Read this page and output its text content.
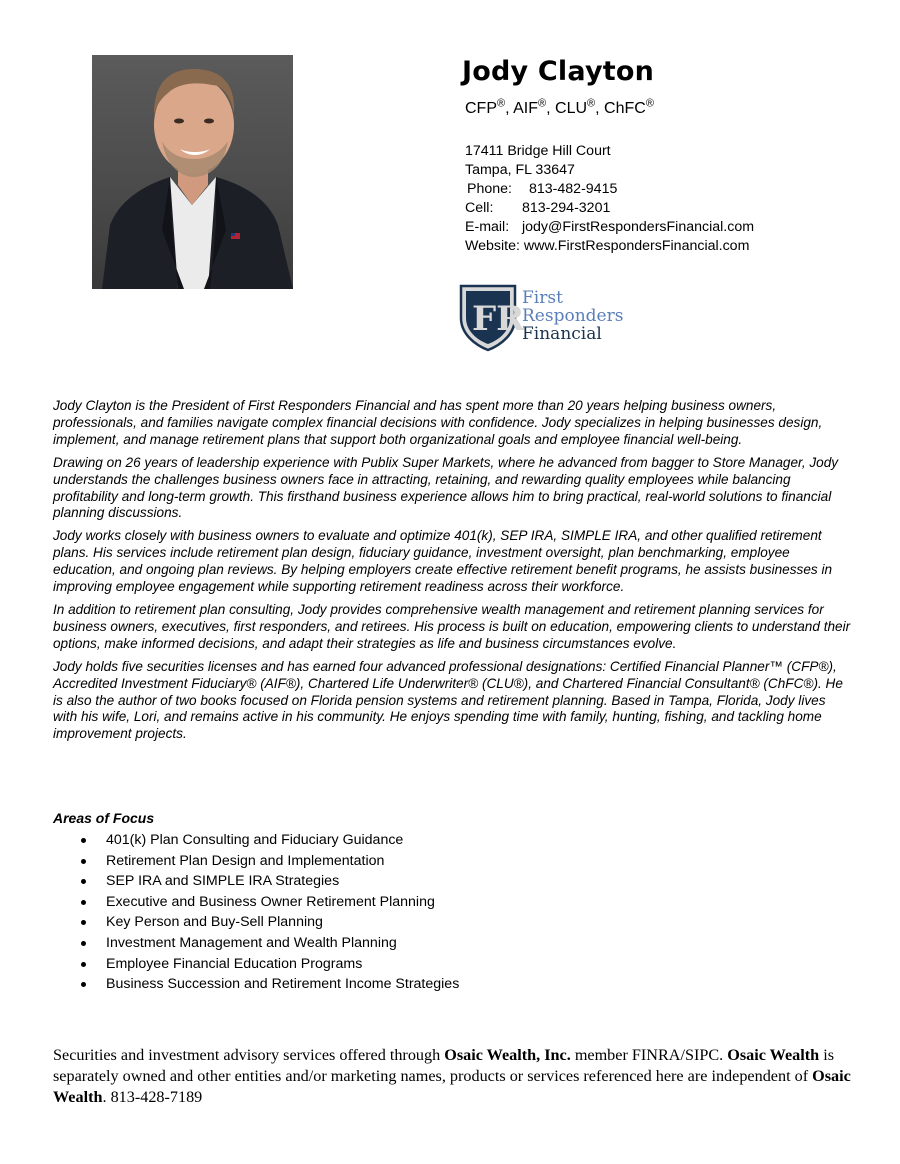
Jody Clayton
CFP®, AIF®, CLU®, ChFC®
17411 Bridge Hill Court
Tampa, FL 33647
Phone: 813-482-9415
Cell: 813-294-3201
E-mail: jody@FirstRespondersFinancial.com
Website: www.FirstRespondersFinancial.com
FR
First
Responders
Financial

Jody Clayton is the President of First Responders Financial and has spent more than 20 years helping business owners, professionals, and families navigate complex financial decisions with confidence. Jody specializes in helping businesses design, implement, and manage retirement plans that support both organizational goals and employee financial well-being.

Drawing on 26 years of leadership experience with Publix Super Markets, where he advanced from bagger to Store Manager, Jody understands the challenges business owners face in attracting, retaining, and rewarding quality employees while balancing profitability and long-term growth. This firsthand business experience allows him to bring practical, real-world solutions to financial planning discussions.

Jody works closely with business owners to evaluate and optimize 401(k), SEP IRA, SIMPLE IRA, and other qualified retirement plans. His services include retirement plan design, fiduciary guidance, investment oversight, plan benchmarking, employee education, and ongoing plan reviews. By helping employers create effective retirement benefit programs, he assists businesses in improving employee engagement while supporting retirement readiness across their workforce.

In addition to retirement plan consulting, Jody provides comprehensive wealth management and retirement planning services for business owners, executives, first responders, and retirees. His process is built on education, empowering clients to understand their options, make informed decisions, and adapt their strategies as life and business circumstances evolve.

Jody holds five securities licenses and has earned four advanced professional designations: Certified Financial Planner™ (CFP®), Accredited Investment Fiduciary® (AIF®), Chartered Life Underwriter® (CLU®), and Chartered Financial Consultant® (ChFC®). He is also the author of two books focused on Florida pension systems and retirement planning. Based in Tampa, Florida, Jody lives with his wife, Lori, and remains active in his community. He enjoys spending time with family, hunting, fishing, and tackling home improvement projects.

Areas of Focus
401(k) Plan Consulting and Fiduciary Guidance
Retirement Plan Design and Implementation
SEP IRA and SIMPLE IRA Strategies
Executive and Business Owner Retirement Planning
Key Person and Buy-Sell Planning
Investment Management and Wealth Planning
Employee Financial Education Programs
Business Succession and Retirement Income Strategies
Securities and investment advisory services offered through Osaic Wealth, Inc. member FINRA/SIPC. Osaic Wealth is separately owned and other entities and/or marketing names, products or services referenced here are independent of Osaic Wealth. 813-428-7189
